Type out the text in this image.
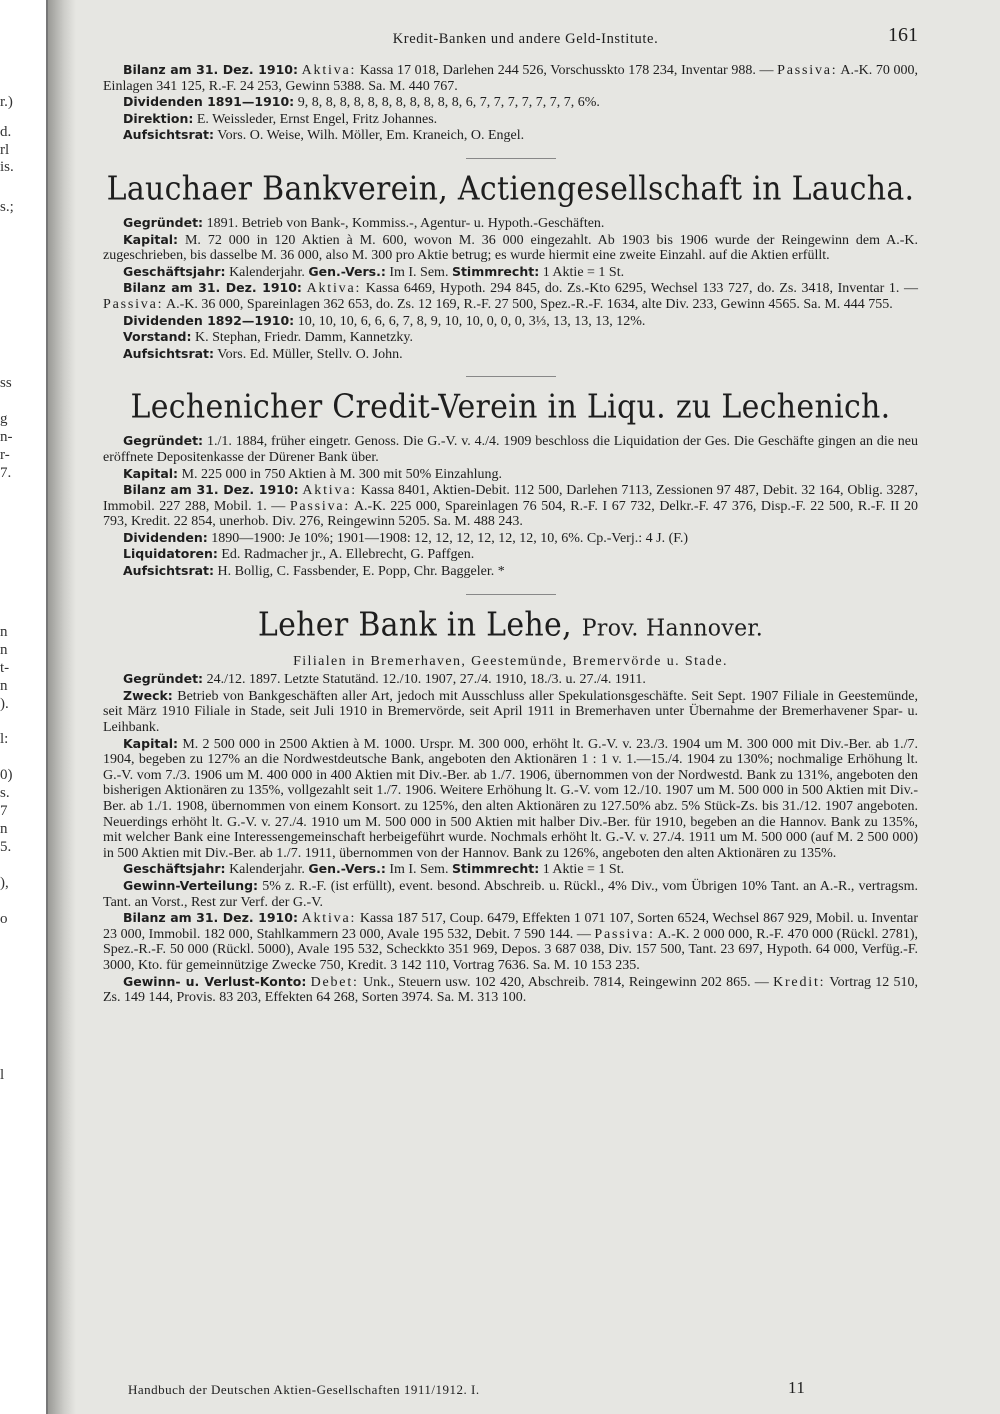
r.)
d.
rl
is.
s.;
ss
g
n-
r-
7.
n
n
t-
n
).
l:
0)
s.
7
n
5.
),
o
l
Kredit-Banken und andere Geld-Institute.	161

Bilanz am 31. Dez. 1910: Aktiva: Kassa 17 018, Darlehen 244 526, Vorschusskto 178 234, Inventar 988. — Passiva: A.-K. 70 000, Einlagen 341 125, R.-F. 24 253, Gewinn 5388. Sa. M. 440 767.

Dividenden 1891—1910: 9, 8, 8, 8, 8, 8, 8, 8, 8, 8, 8, 8, 6, 7, 7, 7, 7, 7, 7, 7, 6%.

Direktion: E. Weissleder, Ernst Engel, Fritz Johannes.

Aufsichtsrat: Vors. O. Weise, Wilh. Möller, Em. Kraneich, O. Engel.

Lauchaer Bankverein, Actiengesellschaft in Laucha.

Gegründet: 1891. Betrieb von Bank-, Kommiss.-, Agentur- u. Hypoth.-Geschäften.

Kapital: M. 72 000 in 120 Aktien à M. 600, wovon M. 36 000 eingezahlt. Ab 1903 bis 1906 wurde der Reingewinn dem A.-K. zugeschrieben, bis dasselbe M. 36 000, also M. 300 pro Aktie betrug; es wurde hiermit eine zweite Einzahl. auf die Aktien erfüllt.

Geschäftsjahr: Kalenderjahr. Gen.-Vers.: Im I. Sem. Stimmrecht: 1 Aktie = 1 St.

Bilanz am 31. Dez. 1910: Aktiva: Kassa 6469, Hypoth. 294 845, do. Zs.-Kto 6295, Wechsel 133 727, do. Zs. 3418, Inventar 1. — Passiva: A.-K. 36 000, Spareinlagen 362 653, do. Zs. 12 169, R.-F. 27 500, Spez.-R.-F. 1634, alte Div. 233, Gewinn 4565. Sa. M. 444 755.

Dividenden 1892—1910: 10, 10, 10, 6, 6, 6, 7, 8, 9, 10, 10, 0, 0, 0, 3⅓, 13, 13, 13, 12%.

Vorstand: K. Stephan, Friedr. Damm, Kannetzky.

Aufsichtsrat: Vors. Ed. Müller, Stellv. O. John.

Lechenicher Credit-Verein in Liqu. zu Lechenich.

Gegründet: 1./1. 1884, früher eingetr. Genoss. Die G.-V. v. 4./4. 1909 beschloss die Liquidation der Ges. Die Geschäfte gingen an die neu eröffnete Depositenkasse der Dürener Bank über.

Kapital: M. 225 000 in 750 Aktien à M. 300 mit 50% Einzahlung.

Bilanz am 31. Dez. 1910: Aktiva: Kassa 8401, Aktien-Debit. 112 500, Darlehen 7113, Zessionen 97 487, Debit. 32 164, Oblig. 3287, Immobil. 227 288, Mobil. 1. — Passiva: A.-K. 225 000, Spareinlagen 76 504, R.-F. I 67 732, Delkr.-F. 47 376, Disp.-F. 22 500, R.-F. II 20 793, Kredit. 22 854, unerhob. Div. 276, Reingewinn 5205. Sa. M. 488 243.

Dividenden: 1890—1900: Je 10%; 1901—1908: 12, 12, 12, 12, 12, 12, 10, 6%. Cp.-Verj.: 4 J. (F.)

Liquidatoren: Ed. Radmacher jr., A. Ellebrecht, G. Paffgen.

Aufsichtsrat: H. Bollig, C. Fassbender, E. Popp, Chr. Baggeler. *

Leher Bank in Lehe, Prov. Hannover.

Filialen in Bremerhaven, Geestemünde, Bremervörde u. Stade.

Gegründet: 24./12. 1897. Letzte Statutänd. 12./10. 1907, 27./4. 1910, 18./3. u. 27./4. 1911.

Zweck: Betrieb von Bankgeschäften aller Art, jedoch mit Ausschluss aller Spekulationsgeschäfte. Seit Sept. 1907 Filiale in Geestemünde, seit März 1910 Filiale in Stade, seit Juli 1910 in Bremervörde, seit April 1911 in Bremerhaven unter Übernahme der Bremerhavener Spar- u. Leihbank.

Kapital: M. 2 500 000 in 2500 Aktien à M. 1000. Urspr. M. 300 000, erhöht lt. G.-V. v. 23./3. 1904 um M. 300 000 mit Div.-Ber. ab 1./7. 1904, begeben zu 127% an die Nordwestdeutsche Bank, angeboten den Aktionären 1 : 1 v. 1.—15./4. 1904 zu 130%; nochmalige Erhöhung lt. G.-V. vom 7./3. 1906 um M. 400 000 in 400 Aktien mit Div.-Ber. ab 1./7. 1906, übernommen von der Nordwestd. Bank zu 131%, angeboten den bisherigen Aktionären zu 135%, vollgezahlt seit 1./7. 1906. Weitere Erhöhung lt. G.-V. vom 12./10. 1907 um M. 500 000 in 500 Aktien mit Div.-Ber. ab 1./1. 1908, übernommen von einem Konsort. zu 125%, den alten Aktionären zu 127.50% abz. 5% Stück-Zs. bis 31./12. 1907 angeboten. Neuerdings erhöht lt. G.-V. v. 27./4. 1910 um M. 500 000 in 500 Aktien mit halber Div.-Ber. für 1910, begeben an die Hannov. Bank zu 135%, mit welcher Bank eine Interessengemeinschaft herbeigeführt wurde. Nochmals erhöht lt. G.-V. v. 27./4. 1911 um M. 500 000 (auf M. 2 500 000) in 500 Aktien mit Div.-Ber. ab 1./7. 1911, übernommen von der Hannov. Bank zu 126%, angeboten den alten Aktionären zu 135%.

Geschäftsjahr: Kalenderjahr. Gen.-Vers.: Im I. Sem. Stimmrecht: 1 Aktie = 1 St.

Gewinn-Verteilung: 5% z. R.-F. (ist erfüllt), event. besond. Abschreib. u. Rückl., 4% Div., vom Übrigen 10% Tant. an A.-R., vertragsm. Tant. an Vorst., Rest zur Verf. der G.-V.

Bilanz am 31. Dez. 1910: Aktiva: Kassa 187 517, Coup. 6479, Effekten 1 071 107, Sorten 6524, Wechsel 867 929, Mobil. u. Inventar 23 000, Immobil. 182 000, Stahlkammern 23 000, Avale 195 532, Debit. 7 590 144. — Passiva: A.-K. 2 000 000, R.-F. 470 000 (Rückl. 2781), Spez.-R.-F. 50 000 (Rückl. 5000), Avale 195 532, Scheckkto 351 969, Depos. 3 687 038, Div. 157 500, Tant. 23 697, Hypoth. 64 000, Verfüg.-F. 3000, Kto. für gemeinnützige Zwecke 750, Kredit. 3 142 110, Vortrag 7636. Sa. M. 10 153 235.

Gewinn- u. Verlust-Konto: Debet: Unk., Steuern usw. 102 420, Abschreib. 7814, Reingewinn 202 865. — Kredit: Vortrag 12 510, Zs. 149 144, Provis. 83 203, Effekten 64 268, Sorten 3974. Sa. M. 313 100.

Handbuch der Deutschen Aktien-Gesellschaften 1911/1912. I.	11
